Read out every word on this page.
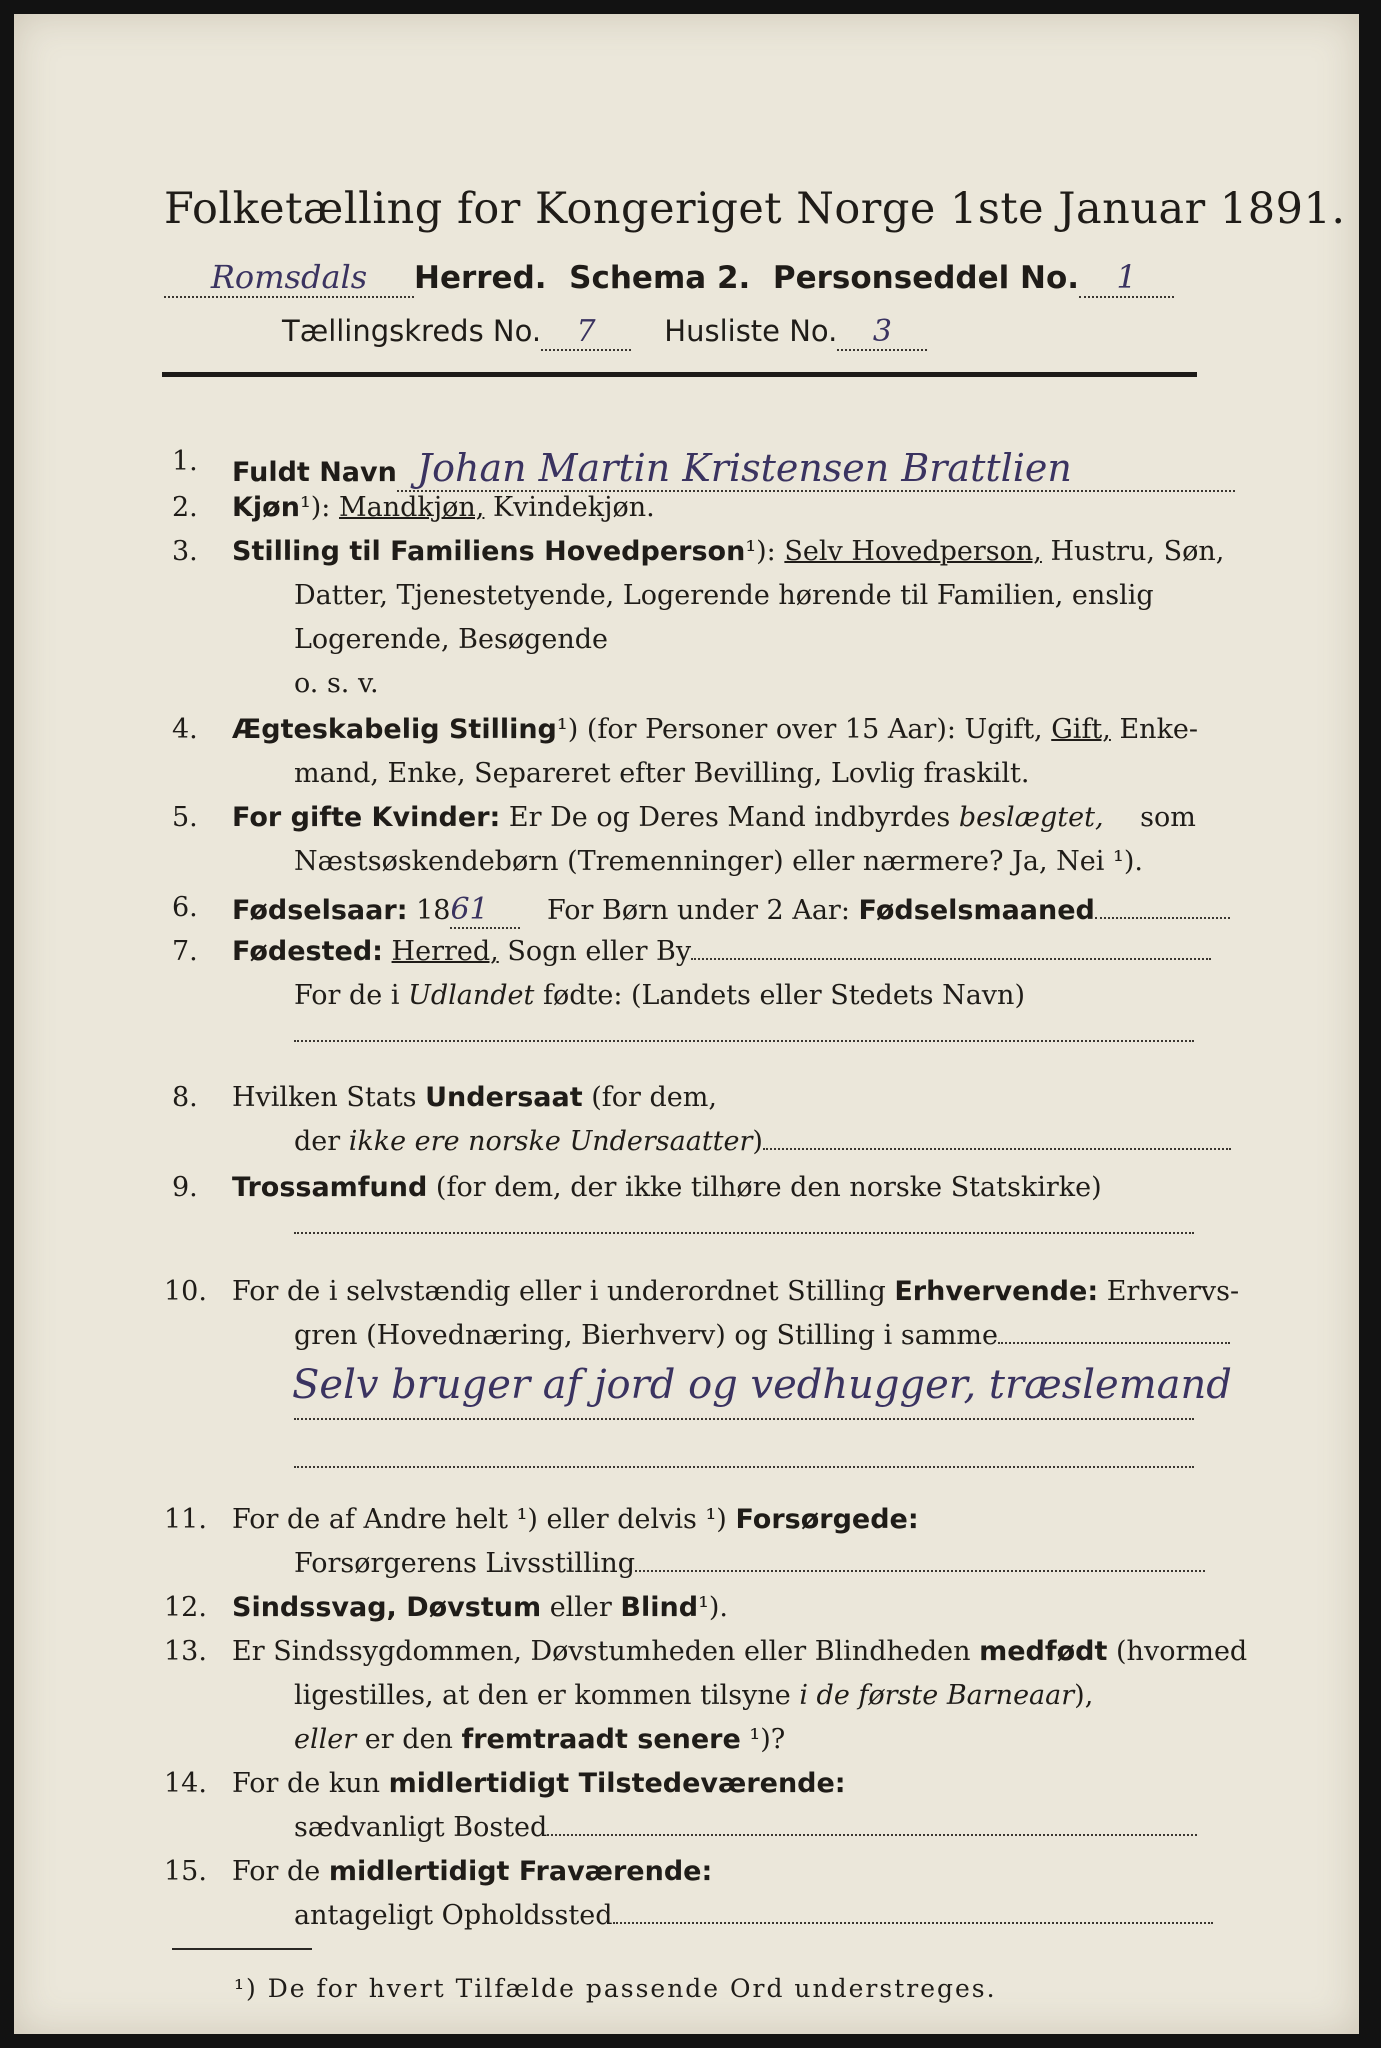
Folketælling for Kongeriget Norge 1ste Januar 1891.
Romsdals Herred. Schema 2. Personseddel No. 1
Tællingskreds No. 7 Husliste No. 3
1. Fuldt Navn Johan Martin Kristensen Brattlien
2. Kjøn¹): Mandkjøn, Kvindekjøn.
3. Stilling til Familiens Hovedperson¹): Selv Hovedperson, Hustru, Søn,
Datter, Tjenestetyende, Logerende hørende til Familien, enslig
Logerende, Besøgende
o. s. v.
4. Ægteskabelig Stilling¹) (for Personer over 15 Aar): Ugift, Gift, Enke-
mand, Enke, Separeret efter Bevilling, Lovlig fraskilt.
5. For gifte Kvinder: Er De og Deres Mand indbyrdes beslægtet, som
Næstsøskendebørn (Tremenninger) eller nærmere? Ja, Nei ¹).
6. Fødselsaar: 1861 For Børn under 2 Aar: Fødselsmaaned
7. Fødested: Herred, Sogn eller By
For de i Udlandet fødte: (Landets eller Stedets Navn)
8. Hvilken Stats Undersaat (for dem,
der ikke ere norske Undersaatter)
9. Trossamfund (for dem, der ikke tilhøre den norske Statskirke)
10. For de i selvstændig eller i underordnet Stilling Erhvervende: Erhvervs-
gren (Hovednæring, Bierhverv) og Stilling i samme
Selv bruger af jord og vedhugger, træslemand
11. For de af Andre helt ¹) eller delvis ¹) Forsørgede:
Forsørgerens Livsstilling
12. Sindssvag, Døvstum eller Blind¹).
13. Er Sindssygdommen, Døvstumheden eller Blindheden medfødt (hvormed
ligestilles, at den er kommen tilsyne i de første Barneaar),
eller er den fremtraadt senere ¹)?
14. For de kun midlertidigt Tilstedeværende:
sædvanligt Bosted
15. For de midlertidigt Fraværende:
antageligt Opholdssted
¹) De for hvert Tilfælde passende Ord understreges.
